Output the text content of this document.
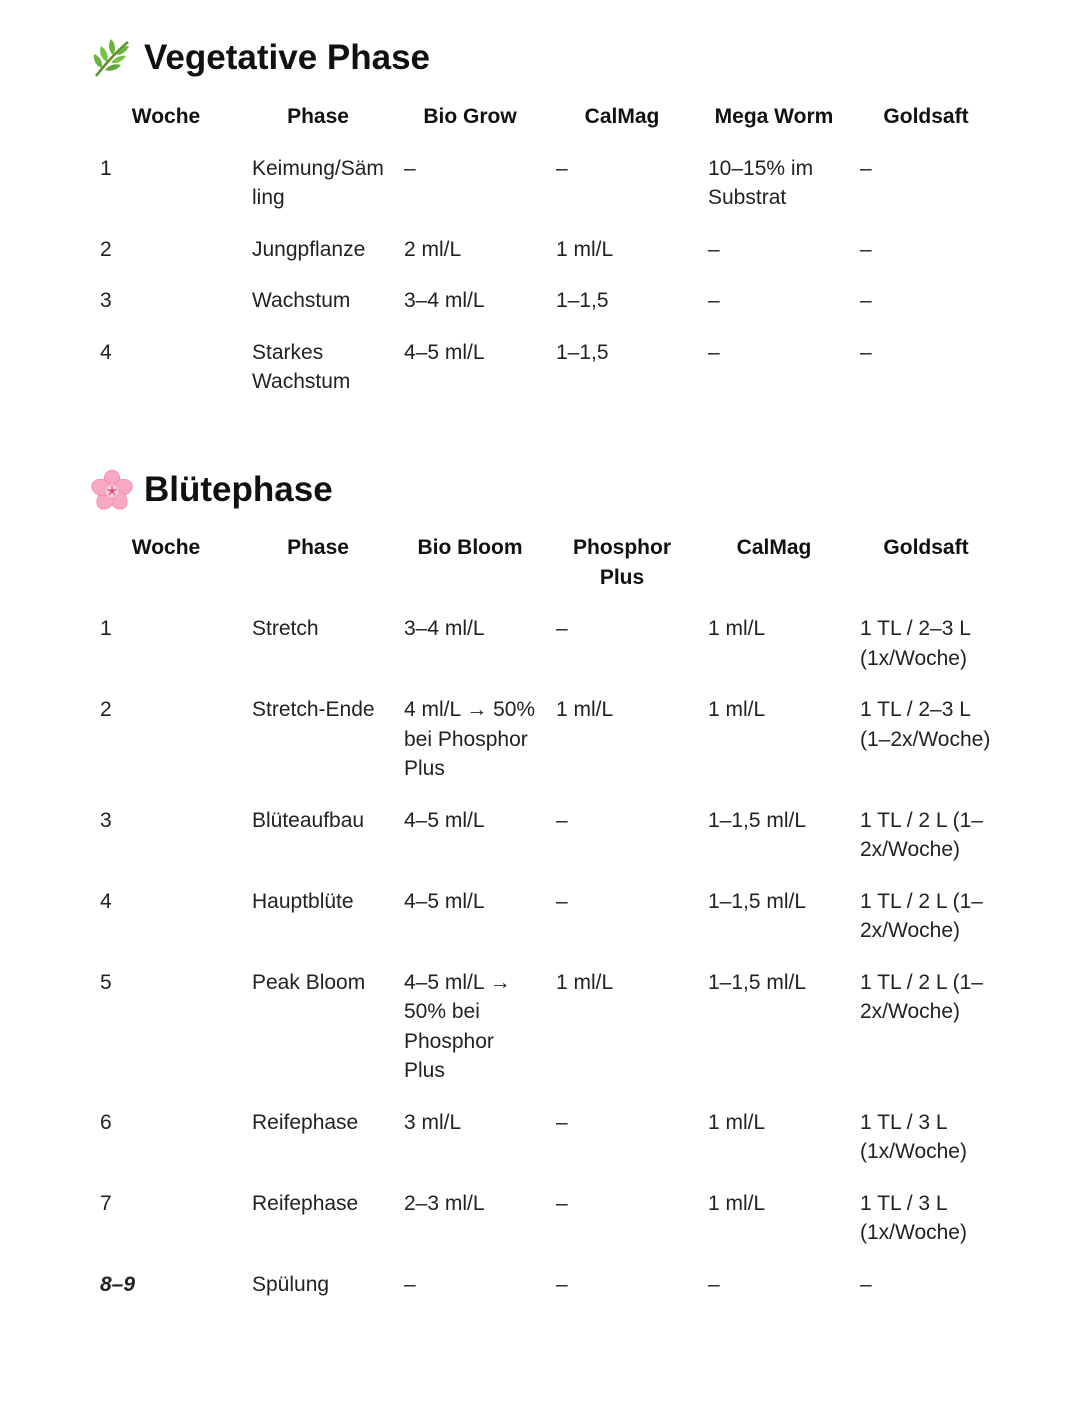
Vegetative Phase
Woche	Phase	Bio Grow	CalMag	Mega Worm	Goldsaft
1	Keimung/Sämling	–	–	10–15% im Substrat	–
2	Jungpflanze	2 ml/L	1 ml/L	–	–
3	Wachstum	3–4 ml/L	1–1,5	–	–
4	Starkes Wachstum	4–5 ml/L	1–1,5	–	–
Blütephase
Woche	Phase	Bio Bloom	Phosphor Plus	CalMag	Goldsaft
1	Stretch	3–4 ml/L	–	1 ml/L	1 TL / 2–3 L (1x/Woche)
2	Stretch-Ende	4 ml/L → 50% bei Phosphor Plus	1 ml/L	1 ml/L	1 TL / 2–3 L (1–2x/Woche)
3	Blüteaufbau	4–5 ml/L	–	1–1,5 ml/L	1 TL / 2 L (1–2x/Woche)
4	Hauptblüte	4–5 ml/L	–	1–1,5 ml/L	1 TL / 2 L (1–2x/Woche)
5	Peak Bloom	4–5 ml/L → 50% bei Phosphor Plus	1 ml/L	1–1,5 ml/L	1 TL / 2 L (1–2x/Woche)
6	Reifephase	3 ml/L	–	1 ml/L	1 TL / 3 L (1x/Woche)
7	Reifephase	2–3 ml/L	–	1 ml/L	1 TL / 3 L (1x/Woche)
8–9	Spülung	–	–	–	–
